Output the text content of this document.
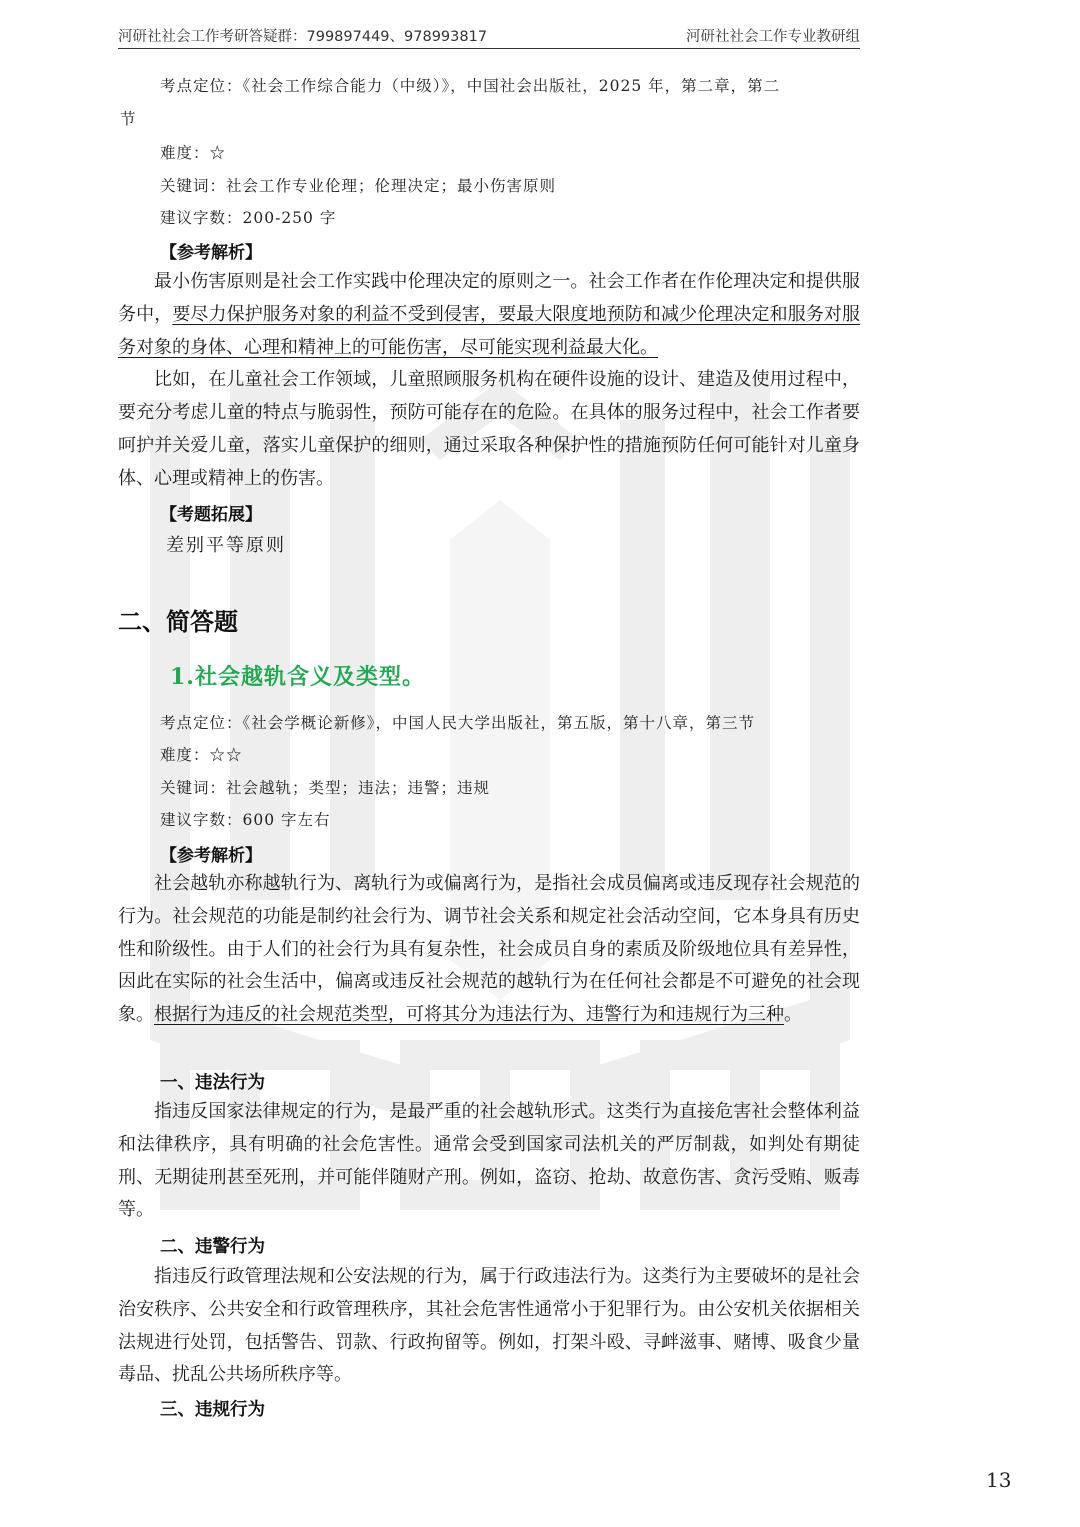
河研社社会工作考研答疑群：799897449、978993817	河研社社会工作专业教研组
考点定位：《社会工作综合能力（中级）》，中国社会出版社，2025 年，第二章，第二
节
难度：☆
关键词：社会工作专业伦理；伦理决定；最小伤害原则
建议字数：200-250 字
【参考解析】

最小伤害原则是社会工作实践中伦理决定的原则之一。社会工作者在作伦理决定和提供服务中，要尽力保护服务对象的利益不受到侵害，要最大限度地预防和减少伦理决定和服务对服务对象的身体、心理和精神上的可能伤害，尽可能实现利益最大化。

比如，在儿童社会工作领域，儿童照顾服务机构在硬件设施的设计、建造及使用过程中，要充分考虑儿童的特点与脆弱性，预防可能存在的危险。在具体的服务过程中，社会工作者要呵护并关爱儿童，落实儿童保护的细则，通过采取各种保护性的措施预防任何可能针对儿童身体、心理或精神上的伤害。

【考题拓展】
差别平等原则
二、简答题
1.社会越轨含义及类型。
考点定位：《社会学概论新修》，中国人民大学出版社，第五版，第十八章，第三节
难度：☆☆
关键词：社会越轨；类型；违法；违警；违规
建议字数：600 字左右
【参考解析】

社会越轨亦称越轨行为、离轨行为或偏离行为，是指社会成员偏离或违反现存社会规范的行为。社会规范的功能是制约社会行为、调节社会关系和规定社会活动空间，它本身具有历史性和阶级性。由于人们的社会行为具有复杂性，社会成员自身的素质及阶级地位具有差异性，因此在实际的社会生活中，偏离或违反社会规范的越轨行为在任何社会都是不可避免的社会现象。根据行为违反的社会规范类型，可将其分为违法行为、违警行为和违规行为三种。

一、违法行为

指违反国家法律规定的行为，是最严重的社会越轨形式。这类行为直接危害社会整体利益和法律秩序，具有明确的社会危害性。通常会受到国家司法机关的严厉制裁，如判处有期徒刑、无期徒刑甚至死刑，并可能伴随财产刑。例如，盗窃、抢劫、故意伤害、贪污受贿、贩毒等。

二、违警行为

指违反行政管理法规和公安法规的行为，属于行政违法行为。这类行为主要破坏的是社会治安秩序、公共安全和行政管理秩序，其社会危害性通常小于犯罪行为。由公安机关依据相关法规进行处罚，包括警告、罚款、行政拘留等。例如，打架斗殴、寻衅滋事、赌博、吸食少量毒品、扰乱公共场所秩序等。

三、违规行为
13
